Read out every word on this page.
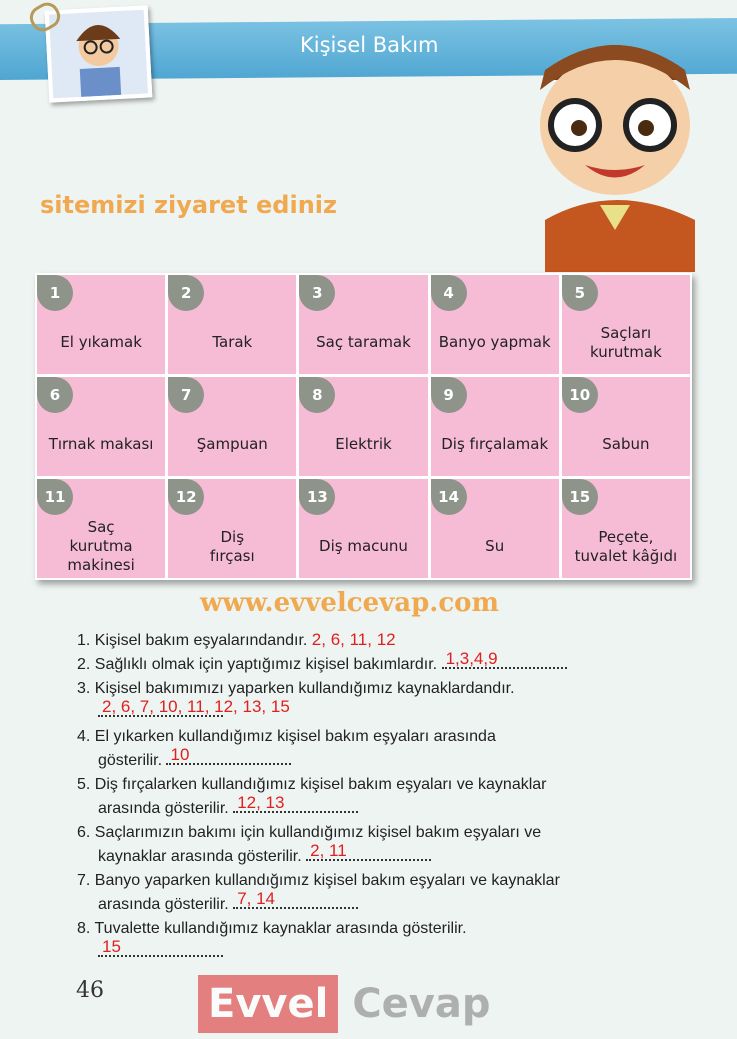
Kişisel Bakım
1
El yıkamak
2
Tarak
3
Saç taramak
4
Banyo yapmak
5
Saçları
kurutmak
6
Tırnak makası
7
Şampuan
8
Elektrik
9
Diş fırçalamak
10
Sabun
11
Saç
kurutma
makinesi
12
Diş
fırçası
13
Diş macunu
14
Su
15
Peçete,
tuvalet kâğıdı
www.evvelcevap.com
sitemizi ziyaret ediniz
1. Kişisel bakım eşyalarındandır. 2, 6, 11, 12
2. Sağlıklı olmak için yaptığımız kişisel bakımlardır. 1,3,4,9
3. Kişisel bakımımızı yaparken kullandığımız kaynaklardandır.
2, 6, 7, 10, 11, 12, 13, 15
4. El yıkarken kullandığımız kişisel bakım eşyaları arasında
gösterilir. 10
5. Diş fırçalarken kullandığımız kişisel bakım eşyaları ve kaynaklar
arasında gösterilir. 12, 13
6. Saçlarımızın bakımı için kullandığımız kişisel bakım eşyaları ve
kaynaklar arasında gösterilir. 2, 11
7. Banyo yaparken kullandığımız kişisel bakım eşyaları ve kaynaklar
arasında gösterilir. 7, 14
8. Tuvalette kullandığımız kaynaklar arasında gösterilir.
15
46	Evvel Cevap
